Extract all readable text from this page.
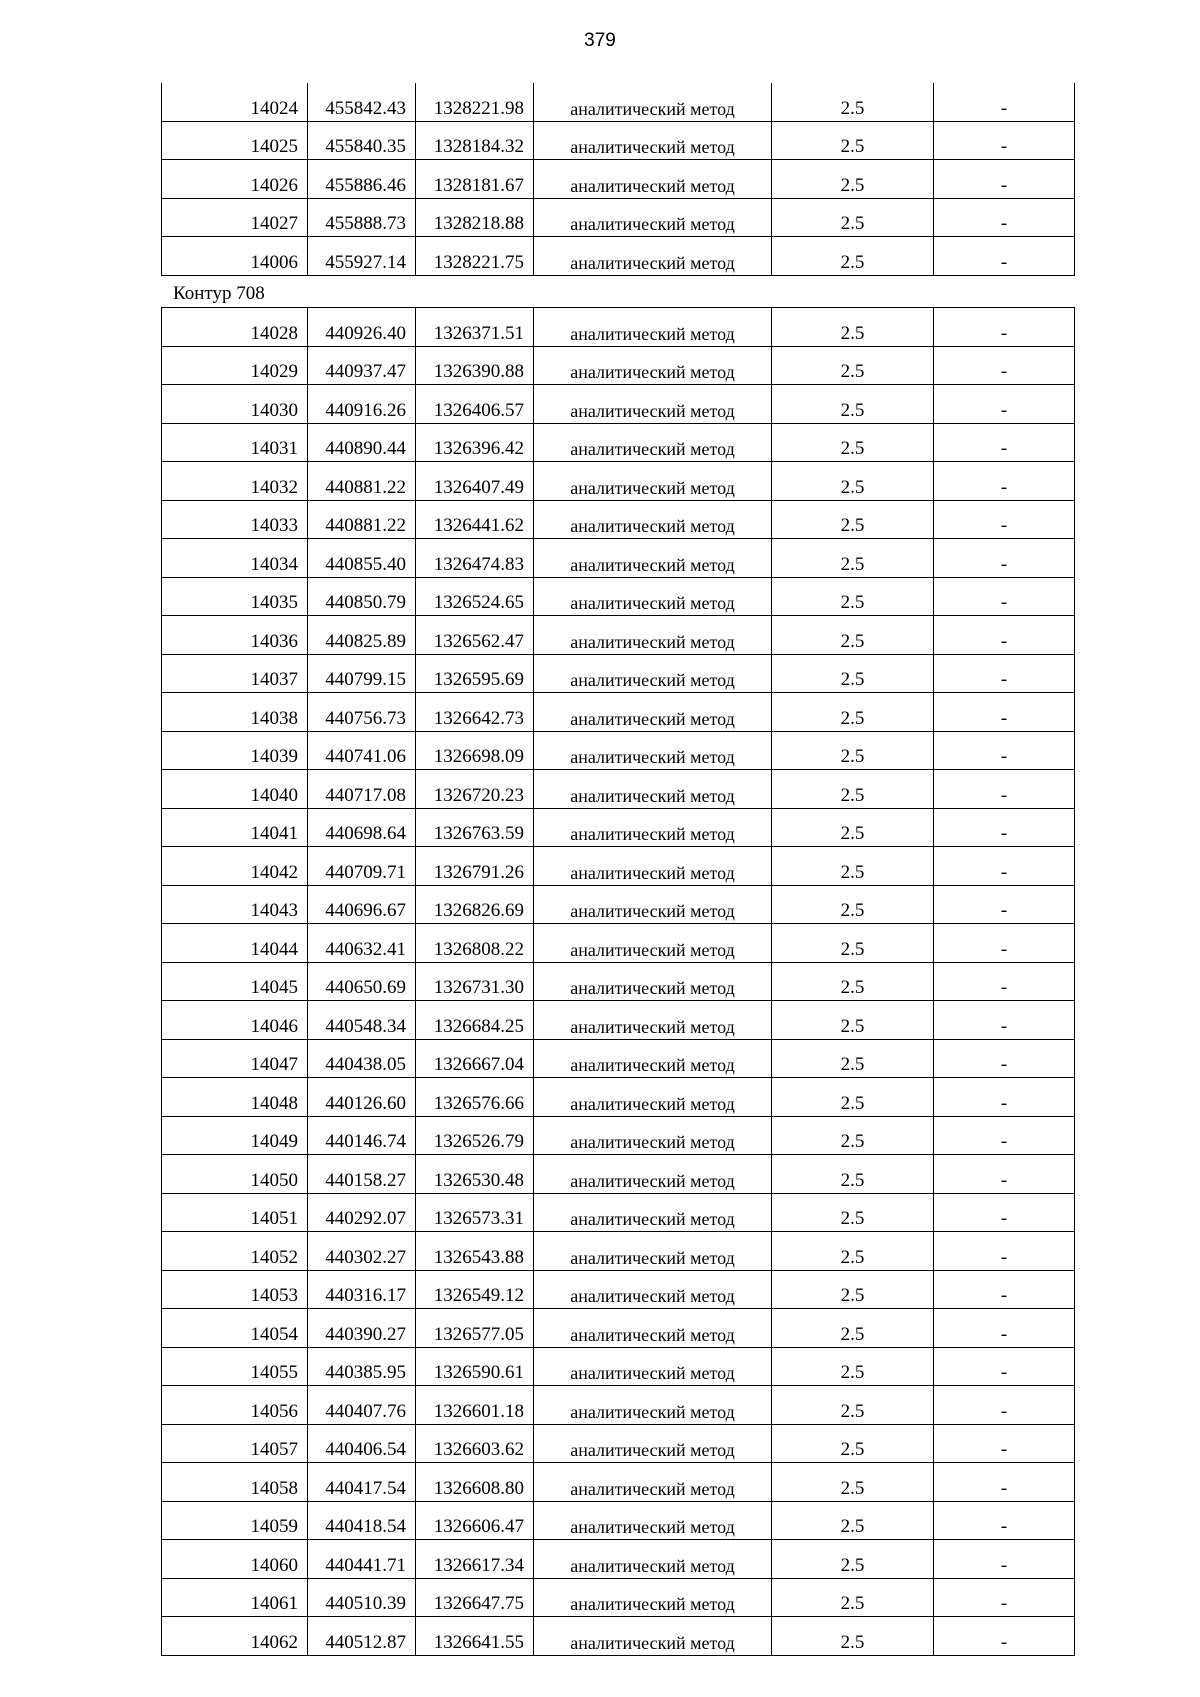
379
14024	455842.43	1328221.98	аналитический метод	2.5	-
14025	455840.35	1328184.32	аналитический метод	2.5	-
14026	455886.46	1328181.67	аналитический метод	2.5	-
14027	455888.73	1328218.88	аналитический метод	2.5	-
14006	455927.14	1328221.75	аналитический метод	2.5	-
Контур 708
14028	440926.40	1326371.51	аналитический метод	2.5	-
14029	440937.47	1326390.88	аналитический метод	2.5	-
14030	440916.26	1326406.57	аналитический метод	2.5	-
14031	440890.44	1326396.42	аналитический метод	2.5	-
14032	440881.22	1326407.49	аналитический метод	2.5	-
14033	440881.22	1326441.62	аналитический метод	2.5	-
14034	440855.40	1326474.83	аналитический метод	2.5	-
14035	440850.79	1326524.65	аналитический метод	2.5	-
14036	440825.89	1326562.47	аналитический метод	2.5	-
14037	440799.15	1326595.69	аналитический метод	2.5	-
14038	440756.73	1326642.73	аналитический метод	2.5	-
14039	440741.06	1326698.09	аналитический метод	2.5	-
14040	440717.08	1326720.23	аналитический метод	2.5	-
14041	440698.64	1326763.59	аналитический метод	2.5	-
14042	440709.71	1326791.26	аналитический метод	2.5	-
14043	440696.67	1326826.69	аналитический метод	2.5	-
14044	440632.41	1326808.22	аналитический метод	2.5	-
14045	440650.69	1326731.30	аналитический метод	2.5	-
14046	440548.34	1326684.25	аналитический метод	2.5	-
14047	440438.05	1326667.04	аналитический метод	2.5	-
14048	440126.60	1326576.66	аналитический метод	2.5	-
14049	440146.74	1326526.79	аналитический метод	2.5	-
14050	440158.27	1326530.48	аналитический метод	2.5	-
14051	440292.07	1326573.31	аналитический метод	2.5	-
14052	440302.27	1326543.88	аналитический метод	2.5	-
14053	440316.17	1326549.12	аналитический метод	2.5	-
14054	440390.27	1326577.05	аналитический метод	2.5	-
14055	440385.95	1326590.61	аналитический метод	2.5	-
14056	440407.76	1326601.18	аналитический метод	2.5	-
14057	440406.54	1326603.62	аналитический метод	2.5	-
14058	440417.54	1326608.80	аналитический метод	2.5	-
14059	440418.54	1326606.47	аналитический метод	2.5	-
14060	440441.71	1326617.34	аналитический метод	2.5	-
14061	440510.39	1326647.75	аналитический метод	2.5	-
14062	440512.87	1326641.55	аналитический метод	2.5	-
